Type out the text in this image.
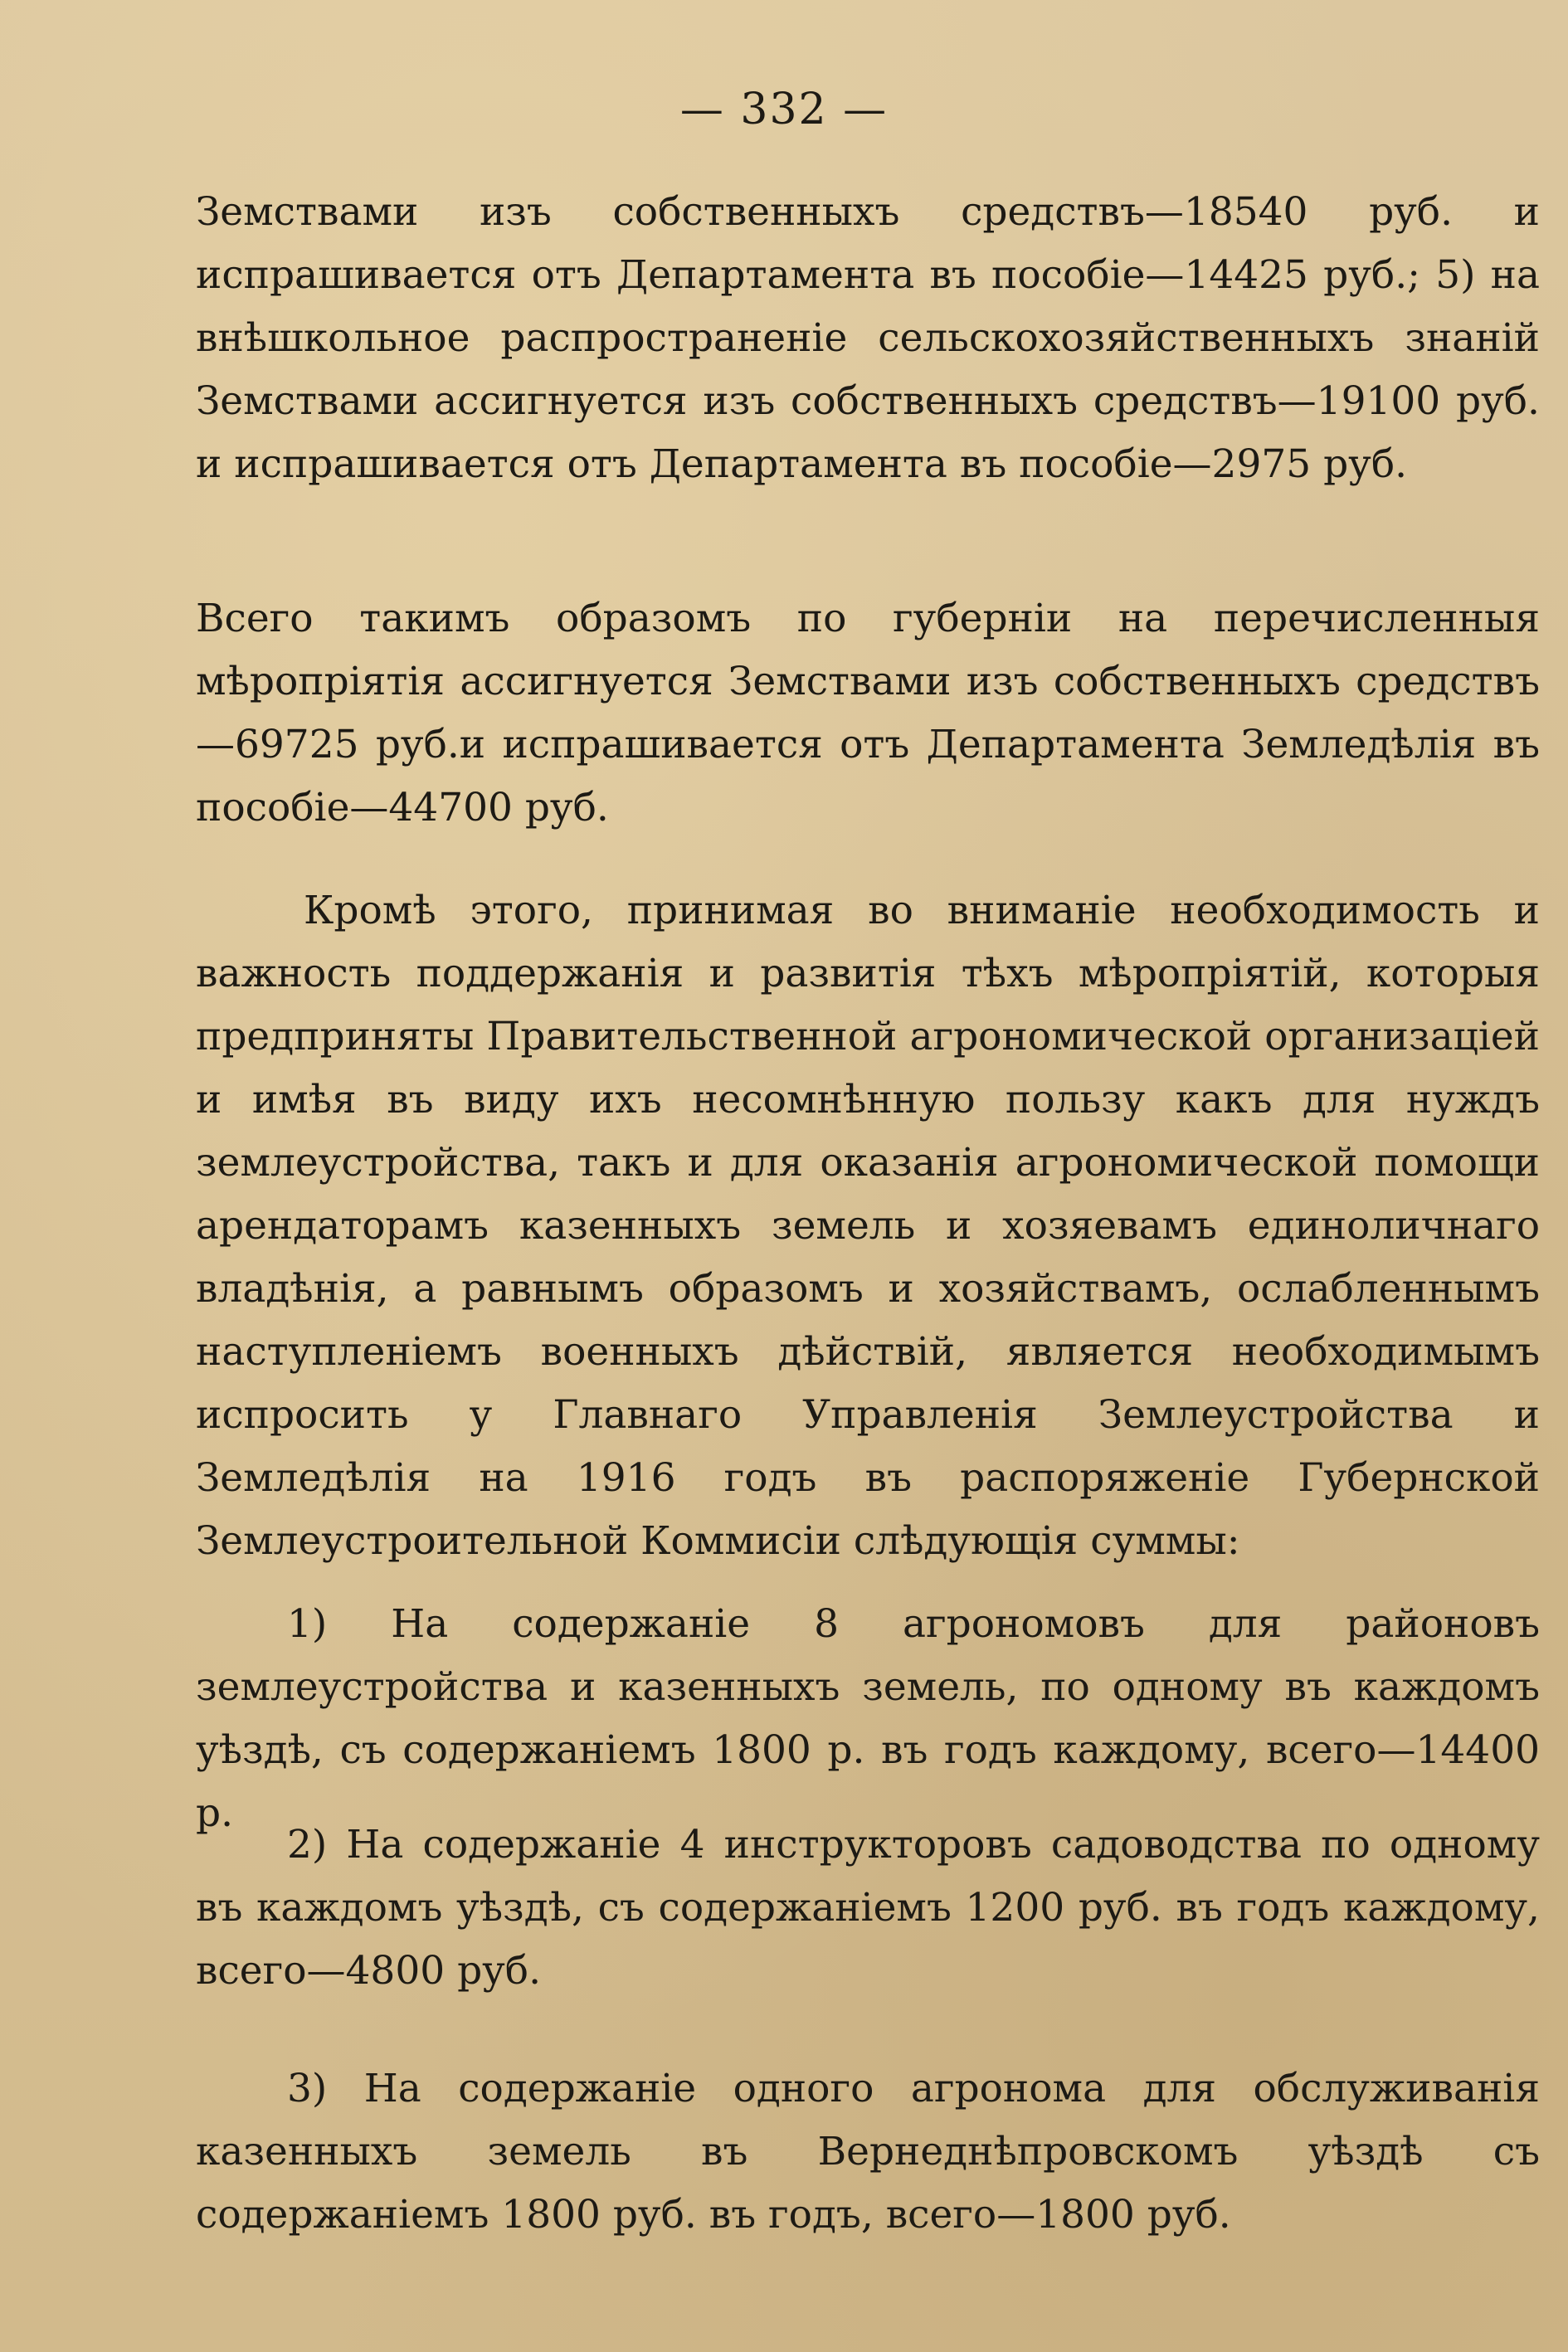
— 332 —

Земствами изъ собственныхъ средствъ—18540 руб. и испрашивается отъ Департамента въ пособiе—14425 руб.; 5) на внѣшкольное распространенiе сельскохозяйственныхъ знанiй Земствами ассигнуется изъ собственныхъ средствъ—19100 руб. и испрашивается отъ Департамента въ пособiе—2975 руб.

Всего такимъ образомъ по губернiи на перечисленныя мѣропрiятiя ассигнуется Земствами изъ собственныхъ средствъ—69725 руб.и испрашивается отъ Департамента Земледѣлiя въ пособiе—44700 руб.

Кромѣ этого, принимая во вниманiе необходимость и важность поддержанiя и развитiя тѣхъ мѣропрiятiй, которыя предприняты Правительственной агрономической организацiей и имѣя въ виду ихъ несомнѣнную пользу какъ для нуждъ землеустройства, такъ и для оказанiя агрономической помощи арендаторамъ казенныхъ земель и хозяевамъ единоличнаго владѣнiя, а равнымъ образомъ и хозяйствамъ, ослабленнымъ наступленiемъ военныхъ дѣйствiй, является необходимымъ испросить у Главнаго Управленiя Землеустройства и Земледѣлiя на 1916 годъ въ распоряженiе Губернской Землеустроительной Коммисiи слѣдующiя суммы:

1) На содержанiе 8 агрономовъ для районовъ землеустройства и казенныхъ земель, по одному въ каждомъ уѣздѣ, съ содержанiемъ 1800 р. въ годъ каждому, всего—14400 р.

2) На содержанiе 4 инструкторовъ садоводства по одному въ каждомъ уѣздѣ, съ содержанiемъ 1200 руб. въ годъ каждому, всего—4800 руб.

3) На содержанiе одного агронома для обслуживанiя казенныхъ земель въ Вернеднѣпровскомъ уѣздѣ съ содержанiемъ 1800 руб. въ годъ, всего—1800 руб.
